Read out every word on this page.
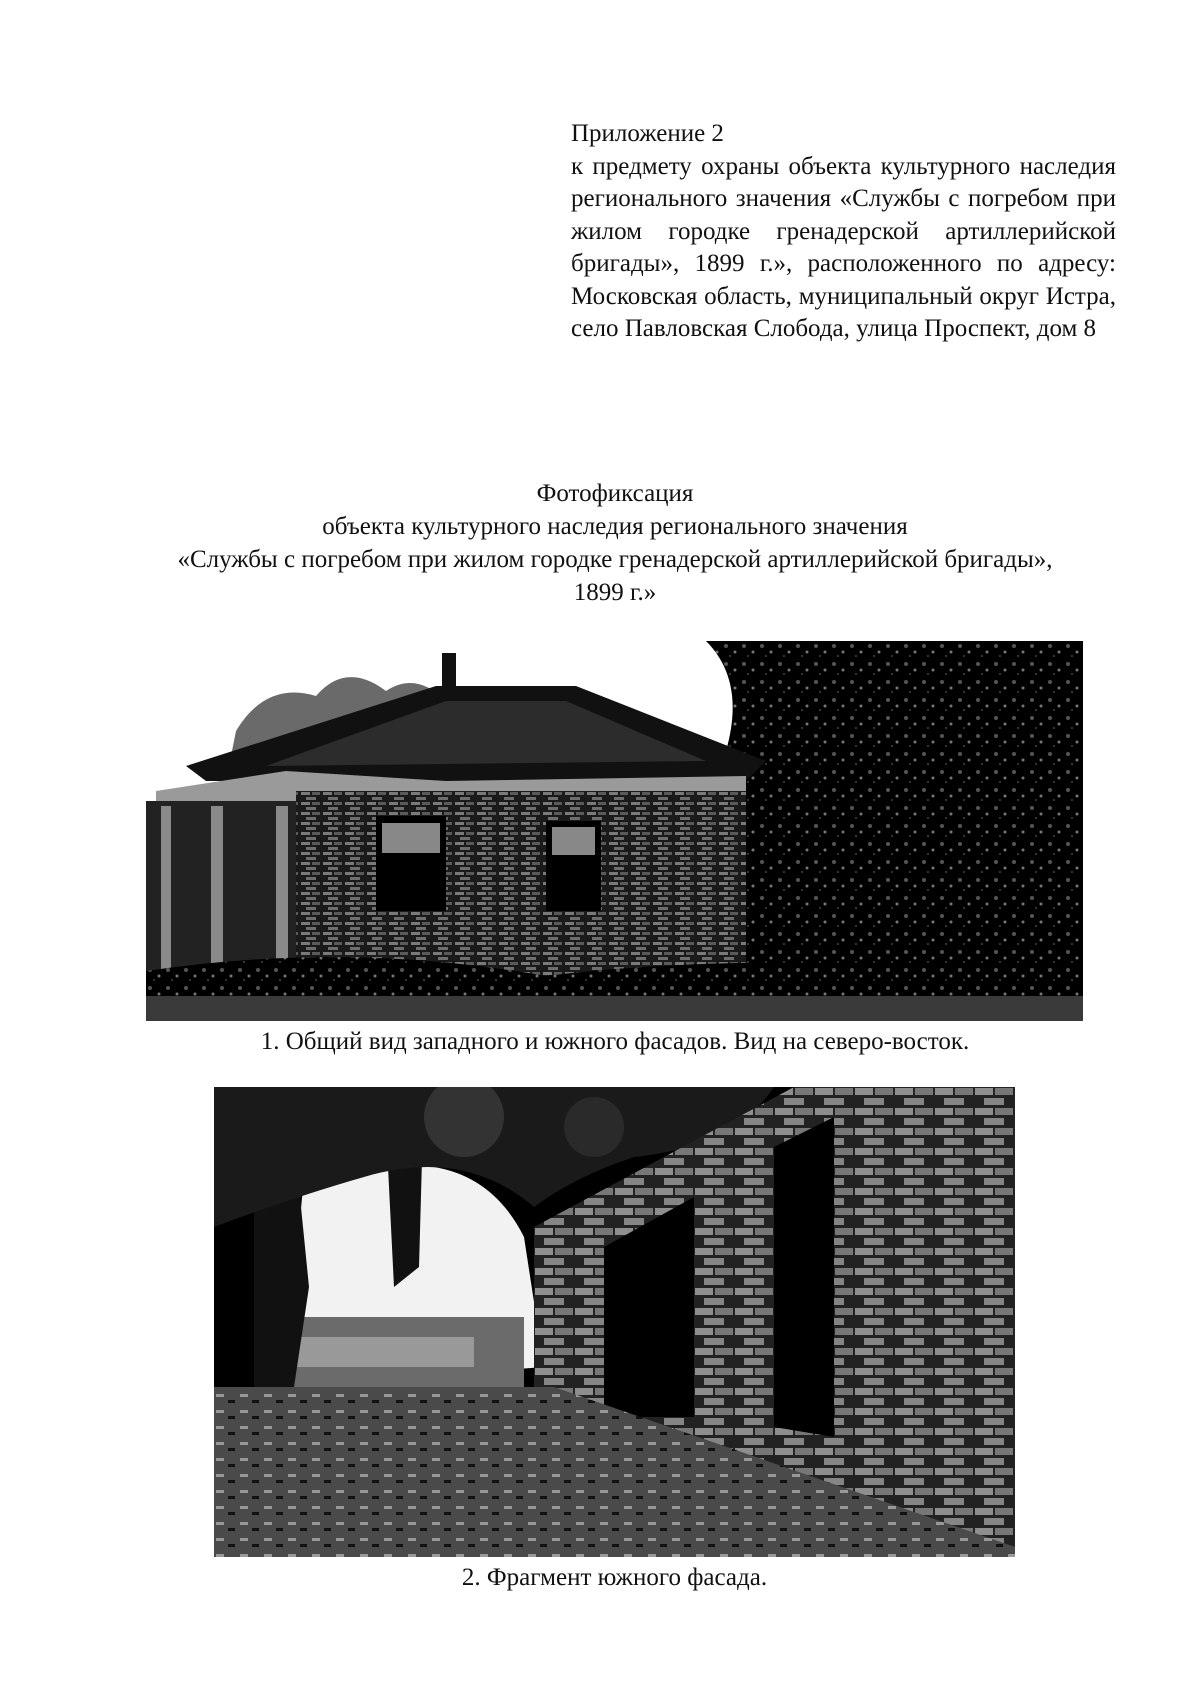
Приложение 2

к предмету охраны объекта культурного наследия регионального значения «Службы с погребом при жилом городке гренадерской артиллерийской бригады», 1899 г.», расположенного по адресу: Московская область, муниципальный округ Истра, село Павловская Слобода, улица Проспект, дом 8

Фотофиксация
объекта культурного наследия регионального значения
«Службы с погребом при жилом городке гренадерской артиллерийской бригады»,
1899 г.»
1. Общий вид западного и южного фасадов. Вид на северо-восток.
2. Фрагмент южного фасада.
